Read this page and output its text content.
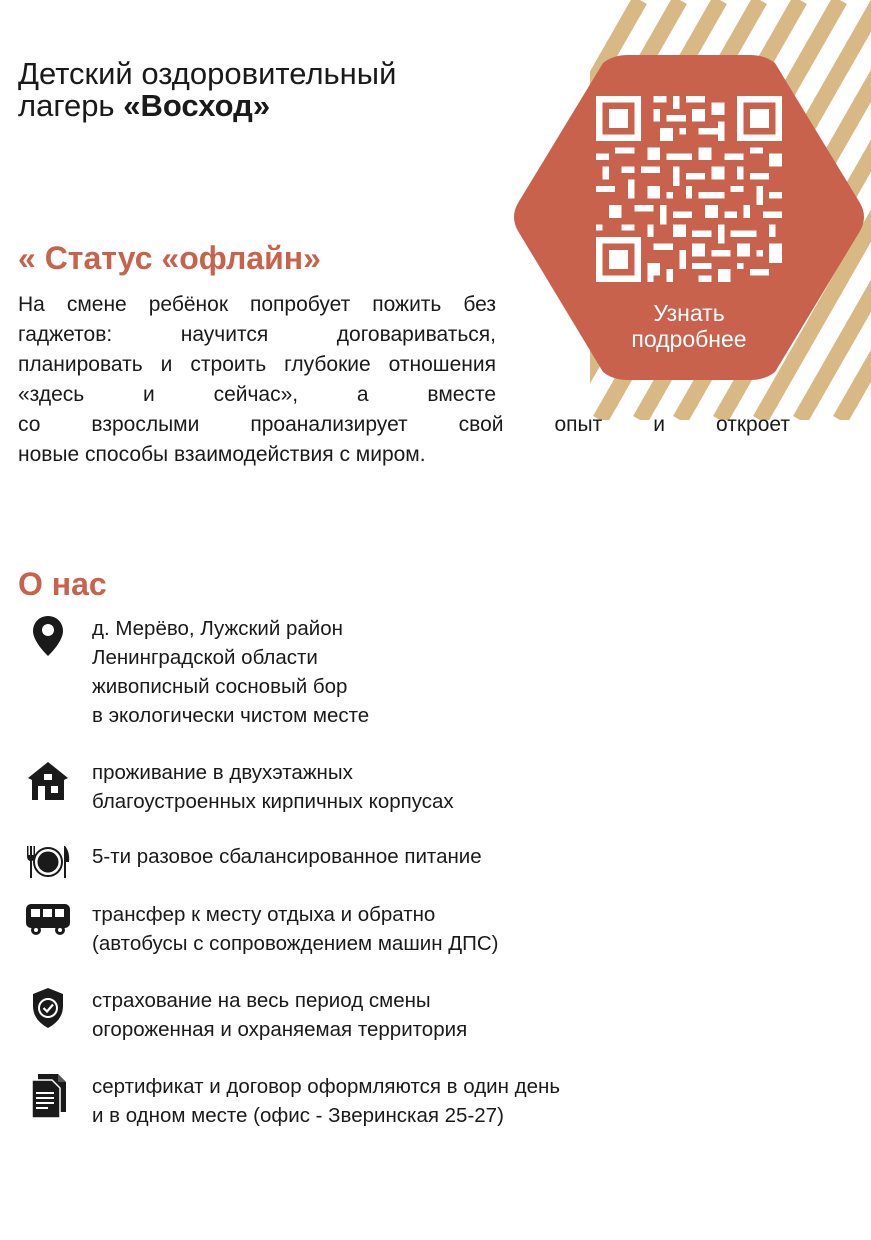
Узнать
подробнее
Детский оздоровительный
лагерь «Восход»
« Статус «офлайн»

На смене ребёнок попробует пожить без гаджетов: научится договариваться, планировать и строить глубокие отношения «здесь и сейчас», а вместе

со взрослыми проанализирует свой опыт и откроет
новые способы взаимодействия с миром.

О нас
д. Мерёво, Лужский район
Ленинградской области
живописный сосновый бор
в экологически чистом месте
проживание в двухэтажных
благоустроенных кирпичных корпусах
5-ти разовое сбалансированное питание
трансфер к месту отдыха и обратно
(автобусы с сопровождением машин ДПС)
страхование на весь период смены
огороженная и охраняемая территория
сертификат и договор оформляются в один день
и в одном месте (офис - Зверинская 25-27)
